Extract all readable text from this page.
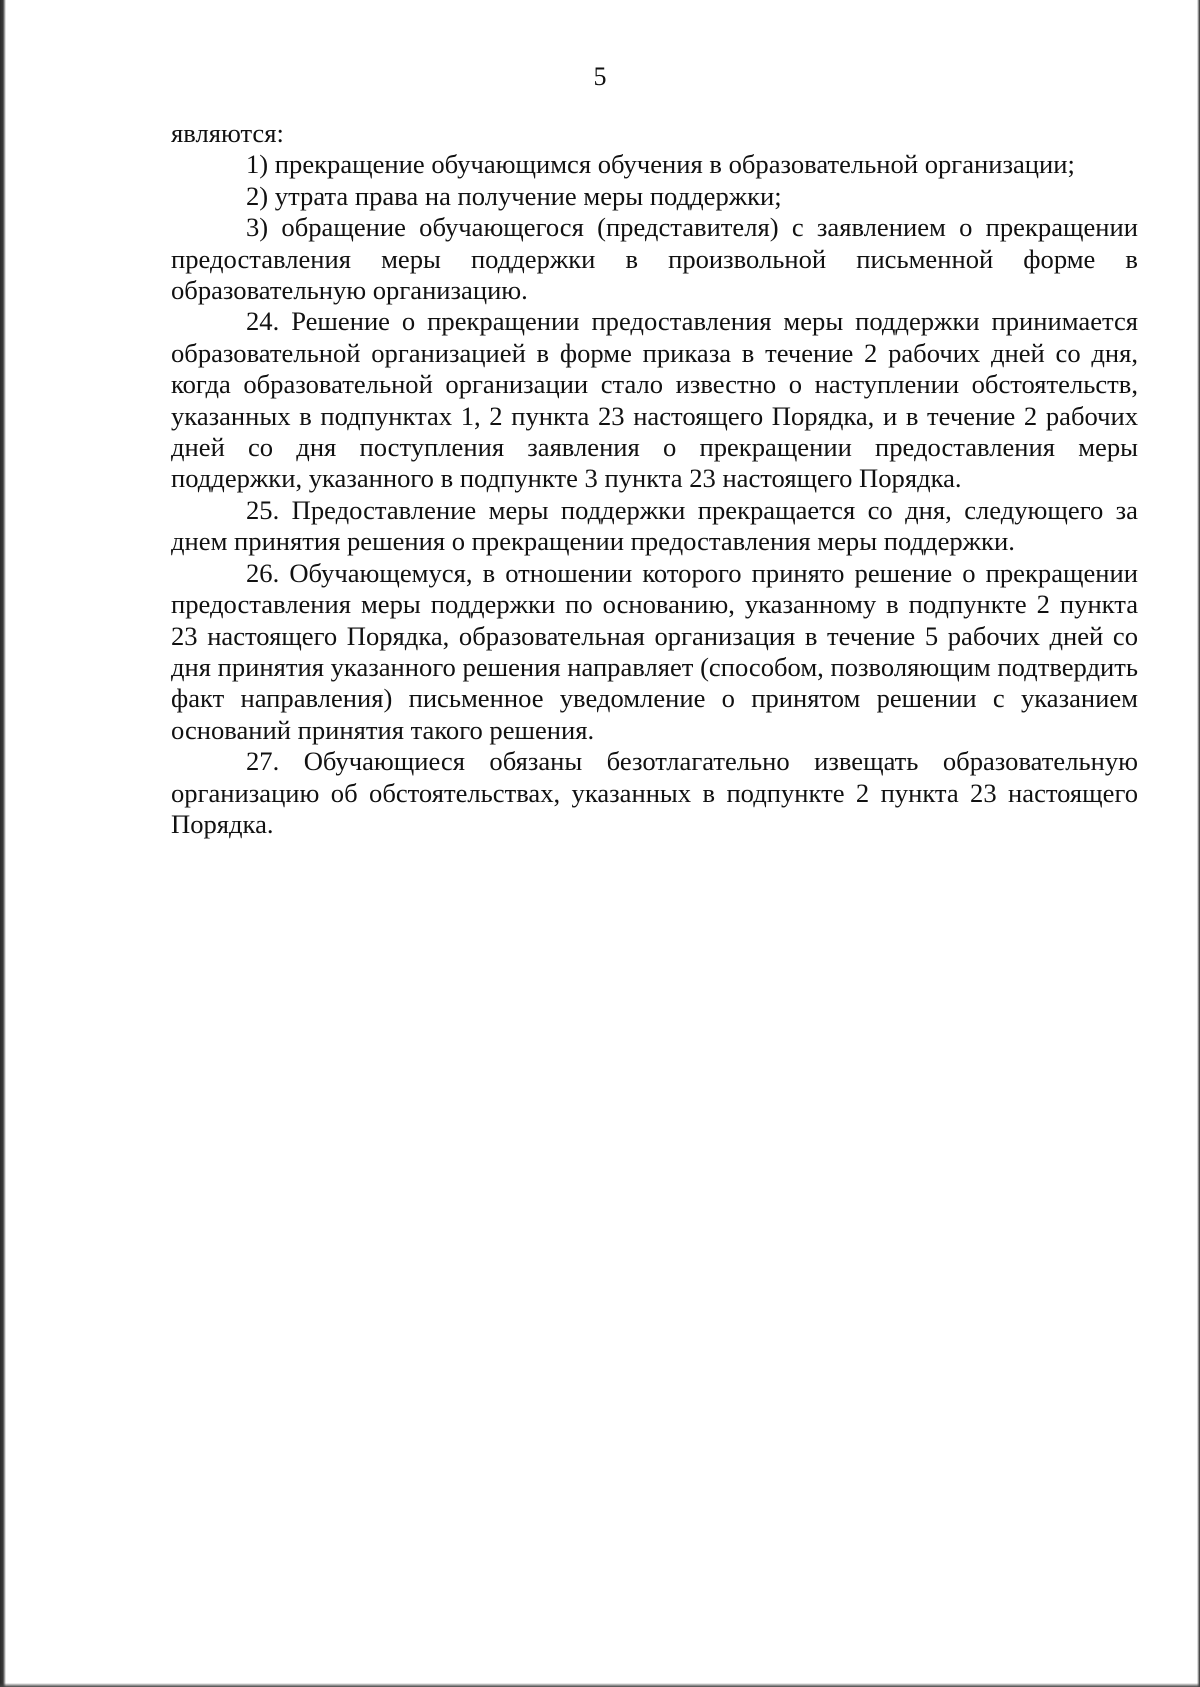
5

являются:

1) прекращение обучающимся обучения в образовательной организации;

2) утрата права на получение меры поддержки;

3) обращение обучающегося (представителя) с заявлением о прекращении предоставления меры поддержки в произвольной письменной форме в образовательную организацию.

24. Решение о прекращении предоставления меры поддержки принимается образовательной организацией в форме приказа в течение 2 рабочих дней со дня, когда образовательной организации стало известно о наступлении обстоятельств, указанных в подпунктах 1, 2 пункта 23 настоящего Порядка, и в течение 2 рабочих дней со дня поступления заявления о прекращении предоставления меры поддержки, указанного в подпункте 3 пункта 23 настоящего Порядка.

25. Предоставление меры поддержки прекращается со дня, следующего за днем принятия решения о прекращении предоставления меры поддержки.

26. Обучающемуся, в отношении которого принято решение о прекращении предоставления меры поддержки по основанию, указанному в подпункте 2 пункта 23 настоящего Порядка, образовательная организация в течение 5 рабочих дней со дня принятия указанного решения направляет (способом, позволяющим подтвердить факт направления) письменное уведомление о принятом решении с указанием оснований принятия такого решения.

27. Обучающиеся обязаны безотлагательно извещать образовательную организацию об обстоятельствах, указанных в подпункте 2 пункта 23 настоящего Порядка.
